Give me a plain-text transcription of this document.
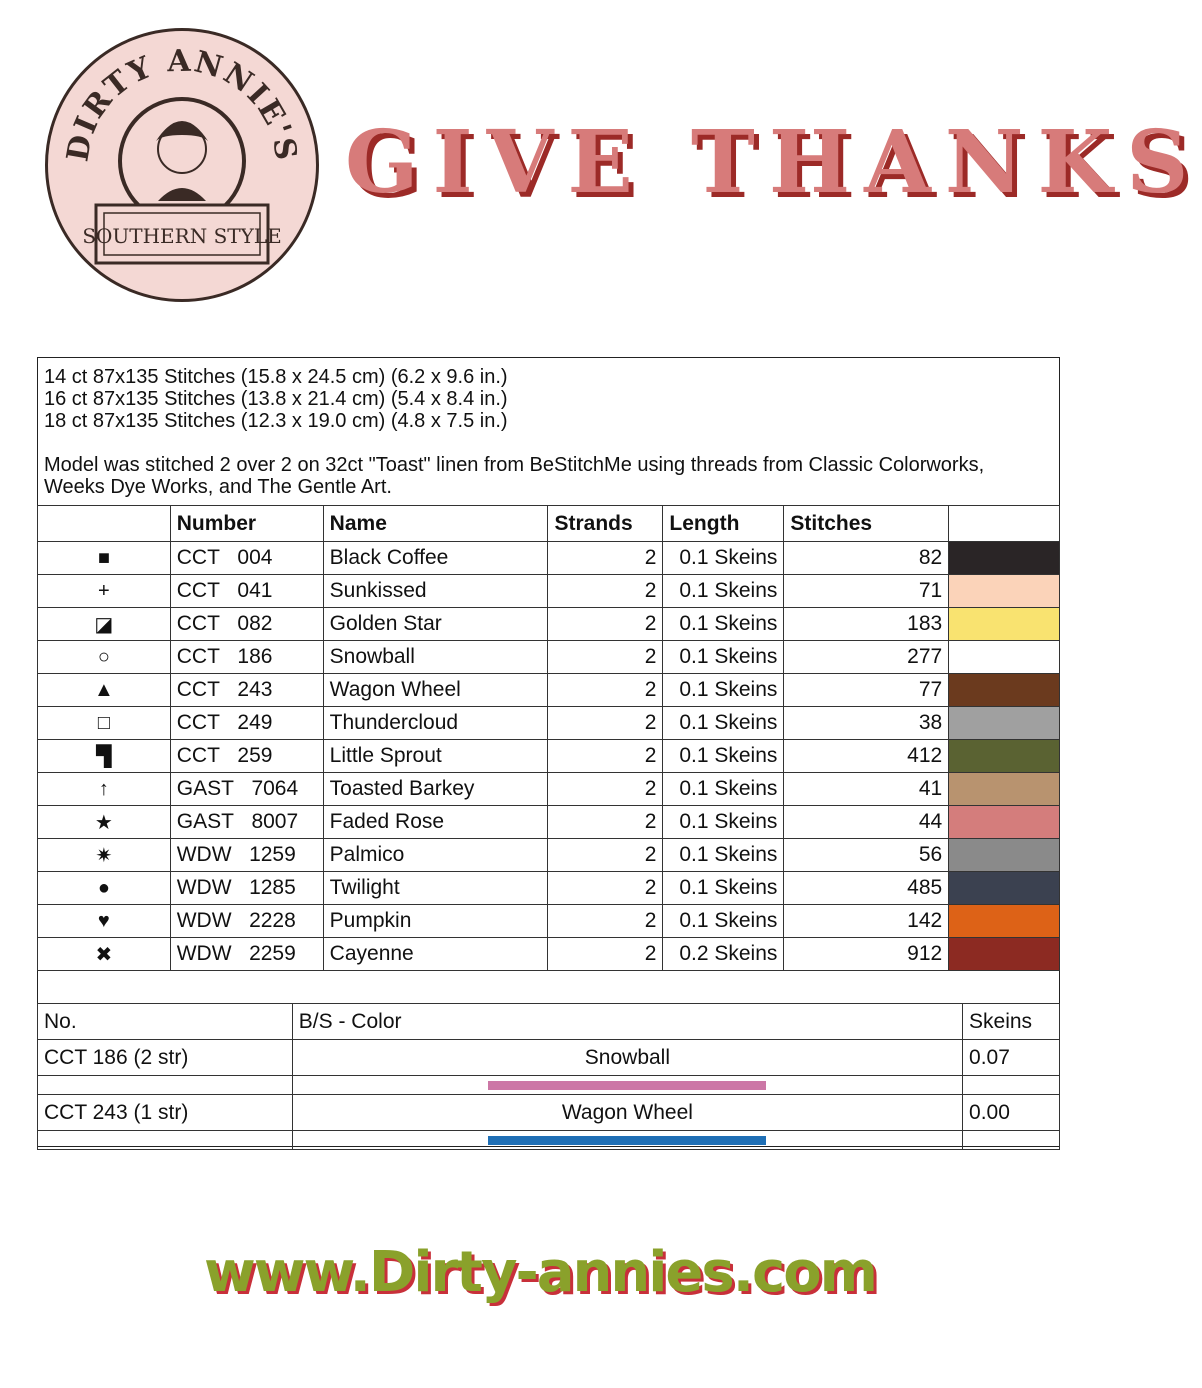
DIRTY ANNIE'S
SOUTHERN STYLE
GIVE THANKS

14 ct 87x135 Stitches (15.8 x 24.5 cm) (6.2 x 9.6 in.)

16 ct 87x135 Stitches (13.8 x 21.4 cm) (5.4 x 8.4 in.)

18 ct 87x135 Stitches (12.3 x 19.0 cm) (4.8 x 7.5 in.)

Model was stitched 2 over 2 on 32ct "Toast" linen from BeStitchMe using threads from Classic Colorworks, Weeks Dye Works, and The Gentle Art.

	Number	Name	Strands	Length	Stitches	
■	CCT 004	Black Coffee	2	0.1 Skeins	82	

+	CCT 041	Sunkissed	2	0.1 Skeins	71	

◪	CCT 082	Golden Star	2	0.1 Skeins	183	

○	CCT 186	Snowball	2	0.1 Skeins	277	

▲	CCT 243	Wagon Wheel	2	0.1 Skeins	77	

□	CCT 249	Thundercloud	2	0.1 Skeins	38	

▜	CCT 259	Little Sprout	2	0.1 Skeins	412	

↑	GAST 7064	Toasted Barkey	2	0.1 Skeins	41	

★	GAST 8007	Faded Rose	2	0.1 Skeins	44	

✷	WDW 1259	Palmico	2	0.1 Skeins	56	

●	WDW 1285	Twilight	2	0.1 Skeins	485	

♥	WDW 2228	Pumpkin	2	0.1 Skeins	142	

✖	WDW 2259	Cayenne	2	0.2 Skeins	912	
No.	B/S - Color	Skeins
CCT 186 (2 str)	Snowball	0.07

CCT 243 (1 str)	Wagon Wheel	0.00

www.Dirty-annies.com
